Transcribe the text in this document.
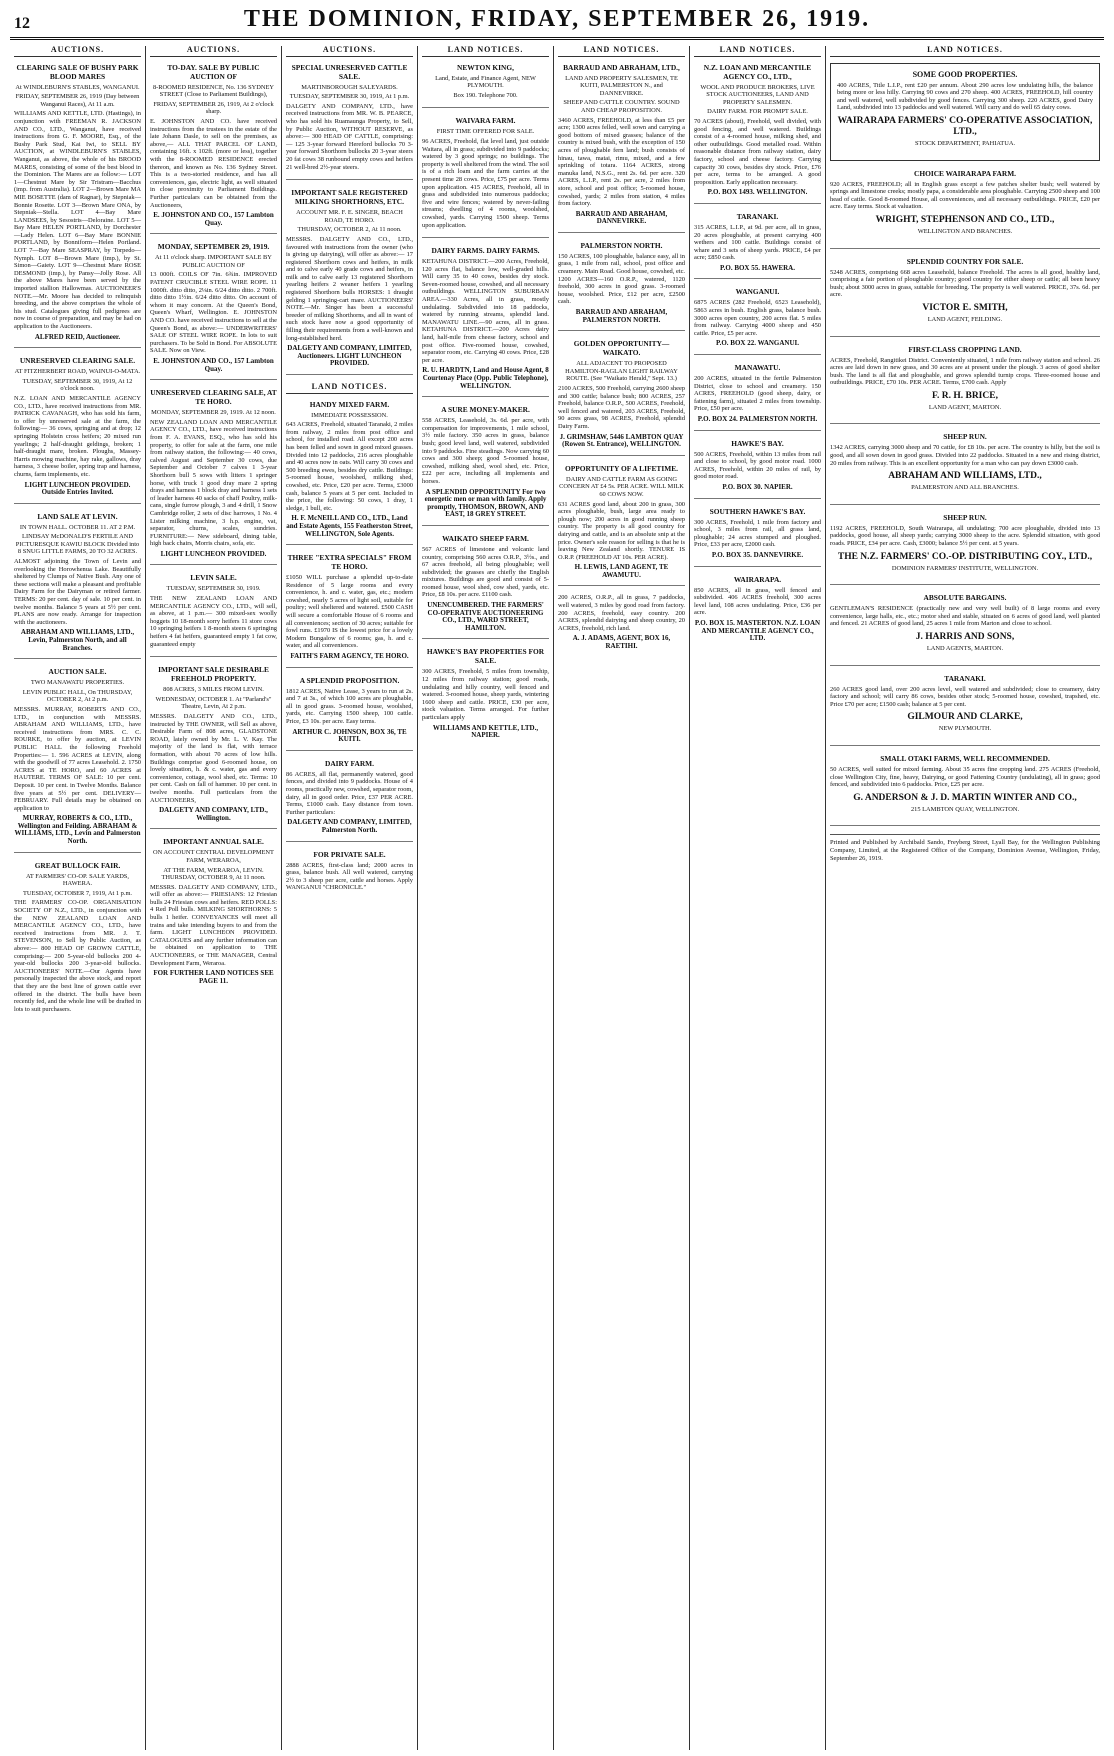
12	THE DOMINION, FRIDAY, SEPTEMBER 26, 1919.
AUCTIONS.
CLEARING SALE OF BUSHY PARK BLOOD MARES
At WINDLEBURN'S STABLES, WANGANUI.
FRIDAY, SEPTEMBER 26, 1919 (Day between Wanganui Races), At 11 a.m.
WILLIAMS AND KETTLE, LTD. (Hastings), in conjunction with FREEMAN R. JACKSON AND CO., LTD., Wanganui, have received instructions from G. F. MOORE, Esq., of the Bushy Park Stud, Kai Iwi, to SELL BY AUCTION, at WINDLEBURN'S STABLES, Wanganui, as above, the whole of his BROOD MARES, consisting of some of the best blood in the Dominion. The Mares are as follow:— LOT 1—Chestnut Mare by Sir Tristram—Bacchus (imp. from Australia). LOT 2—Brown Mare MA MIE BOSETTE (dam of Ragnar), by Stepniak—Bonnie Rosette. LOT 3—Brown Mare ONA, by Stepniak—Stella. LOT 4—Bay Mare LANDSEES, by Sesostris—Deloraine. LOT 5—Bay Mare HELEN PORTLAND, by Dorchester—Lady Helen. LOT 6—Bay Mare BONNIE PORTLAND, by Bonniform—Helen Portland. LOT 7—Bay Mare SEASPRAY, by Torpedo—Nymph. LOT 8—Brown Mare (imp.), by St. Simon—Gaiety. LOT 9—Chestnut Mare ROSE DESMOND (imp.), by Pansy—Jolly Rose. All the above Mares have been served by the imported stallion Hallowmas. AUCTIONEER'S NOTE.—Mr. Moore has decided to relinquish breeding, and the above comprises the whole of his stud. Catalogues giving full pedigrees are now in course of preparation, and may be had on application to the Auctioneers.
ALFRED REID, Auctioneer.
UNRESERVED CLEARING SALE.
AT FITZHERBERT ROAD, WAINUI-O-MATA.
TUESDAY, SEPTEMBER 30, 1919, At 12 o'clock noon.
N.Z. LOAN AND MERCANTILE AGENCY CO., LTD., have received instructions from MR. PATRICK CAVANAGH, who has sold his farm, to offer by unreserved sale at the farm, the following:— 36 cows, springing and at drop; 12 springing Holstein cross heifers; 20 mixed run yearlings; 2 half-draught geldings, broken; 1 half-draught mare, broken. Ploughs, Massey-Harris mowing machine, hay rake, gallows, dray harness, 3 cheese boiler, spring trap and harness, churns, farm implements, etc.
LIGHT LUNCHEON PROVIDED. Outside Entries Invited.
LAND SALE AT LEVIN.
IN TOWN HALL. OCTOBER 11. AT 2 P.M.
LINDSAY McDONALD'S FERTILE AND PICTURESQUE KAWIU BLOCK Divided into 8 SNUG LITTLE FARMS, 20 TO 32 ACRES.
ALMOST adjoining the Town of Levin and overlooking the Horowhenua Lake. Beautifully sheltered by Clumps of Native Bush. Any one of these sections will make a pleasant and profitable Dairy Farm for the Dairyman or retired farmer. TERMS: 20 per cent. day of sale. 10 per cent. in twelve months. Balance 5 years at 5½ per cent. PLANS are now ready. Arrange for inspection with the auctioneers.
ABRAHAM AND WILLIAMS, LTD., Levin, Palmerston North, and all Branches.
AUCTION SALE.
TWO MANAWATU PROPERTIES.
LEVIN PUBLIC HALL, On THURSDAY, OCTOBER 2, At 2 p.m.
MESSRS. MURRAY, ROBERTS AND CO., LTD., in conjunction with MESSRS. ABRAHAM AND WILLIAMS, LTD., have received instructions from MRS. C. C. ROURKE, to offer by auction, at LEVIN PUBLIC HALL the following Freehold Properties:— 1. 596 ACRES at LEVIN, along with the goodwill of 77 acres Leasehold. 2. 1750 ACRES at TE HORO, and 60 ACRES at HAUTERE. TERMS OF SALE: 10 per cent. Deposit. 10 per cent. in Twelve Months. Balance five years at 5½ per cent. DELIVERY—FEBRUARY. Full details may be obtained on application to
MURRAY, ROBERTS & CO., LTD., Wellington and Feilding. ABRAHAM & WILLIAMS, LTD., Levin and Palmerston North.
GREAT BULLOCK FAIR.
AT FARMERS' CO-OP. SALE YARDS, HAWERA.
TUESDAY, OCTOBER 7, 1919, At 1 p.m.
THE FARMERS' CO-OP. ORGANISATION SOCIETY OF N.Z., LTD., in conjunction with the NEW ZEALAND LOAN AND MERCANTILE AGENCY CO., LTD., have received instructions from MR. J. T. STEVENSON, to Sell by Public Auction, as above:— 800 HEAD OF GROWN CATTLE, comprising:— 200 5-year-old bullocks 200 4-year-old bullocks 200 3-year-old bullocks. AUCTIONEERS' NOTE.—Our Agents have personally inspected the above stock, and report that they are the best line of grown cattle ever offered in the district. The bulls have been recently fed, and the whole line will be drafted in lots to suit purchasers.
AUCTIONS.
TO-DAY. SALE BY PUBLIC AUCTION OF
8-ROOMED RESIDENCE, No. 136 SYDNEY STREET (Close to Parliament Buildings),
FRIDAY, SEPTEMBER 26, 1919, At 2 o'clock sharp.
E. JOHNSTON AND CO. have received instructions from the trustees in the estate of the late Johann Dasle, to sell on the premises, as above,— ALL THAT PARCEL OF LAND, containing 16ft. x 102ft. (more or less), together with the 8-ROOMED RESIDENCE erected thereon, and known as No. 136 Sydney Street. This is a two-storied residence, and has all conveniences, gas, electric light, as well situated in close proximity to Parliament Buildings. Further particulars can be obtained from the Auctioneers,
E. JOHNSTON AND CO., 157 Lambton Quay.
MONDAY, SEPTEMBER 29, 1919.
At 11 o'clock sharp. IMPORTANT SALE BY PUBLIC AUCTION OF
13 000ft. COILS OF 7in. 6¾in. IMPROVED PATENT CRUCIBLE STEEL WIRE ROPE. 11 1000ft. ditto ditto, 2⅛in. 6/24 ditto ditto. 2 700ft. ditto ditto 1½in. 6/24 ditto ditto. On account of whom it may concern. At the Queen's Bond, Queen's Wharf, Wellington. E. JOHNSTON AND CO. have received instructions to sell at the Queen's Bond, as above:— UNDERWRITERS' SALE OF STEEL WIRE ROPE. In lots to suit purchasers. To be Sold in Bond. For ABSOLUTE SALE. Now on View.
E. JOHNSTON AND CO., 157 Lambton Quay.
UNRESERVED CLEARING SALE, AT TE HORO.
MONDAY, SEPTEMBER 29, 1919. At 12 noon.
NEW ZEALAND LOAN AND MERCANTILE AGENCY CO., LTD., have received instructions from F. A. EVANS, ESQ., who has sold his property, to offer for sale at the farm, one mile from railway station, the following:— 40 cows, calved August and September 30 cows, due September and October 7 calves 1 3-year Shorthorn bull 5 sows with litters 1 springer horse, with truck 1 good dray mare 2 spring drays and harness 1 block dray and harness 1 sets of leader harness 40 sacks of chaff Poultry, milk-cans, single furrow plough, 3 and 4 drill, 1 Snow Cambridge roller, 2 sets of disc harrows, 1 No. 4 Lister milking machine, 3 h.p. engine, vat, separator, churns, scales, sundries. FURNITURE:— New sideboard, dining table, high back chairs, Morris chairs, sofa, etc.
LIGHT LUNCHEON PROVIDED.
LEVIN SALE.
TUESDAY, SEPTEMBER 30, 1919.
THE NEW ZEALAND LOAN AND MERCANTILE AGENCY CO., LTD., will sell, as above, at 1 p.m.— 300 mixed-sex woolly hoggets 10 18-month sorry heifers 11 store cows 10 springing heifers 1 8-month steers 6 springing heifers 4 fat heifers, guaranteed empty 1 fat cow, guaranteed empty
IMPORTANT SALE DESIRABLE FREEHOLD PROPERTY.
808 ACRES, 3 MILES FROM LEVIN.
WEDNESDAY, OCTOBER 1. At "Parland's" Theatre, Levin, At 2 p.m.
MESSRS. DALGETY AND CO., LTD., instructed by THE OWNER, will Sell as above, Desirable Farm of 808 acres, GLADSTONE ROAD, lately owned by Mr. L. V. Kay. The majority of the land is flat, with terrace formation, with about 70 acres of low hills. Buildings comprise good 6-roomed house, on lovely situation, h. & c. water, gas and every convenience, cottage, wool shed, etc. Terms: 10 per cent. Cash on fall of hammer. 10 per cent. in twelve months. Full particulars from the AUCTIONEERS,
DALGETY AND COMPANY, LTD., Wellington.
IMPORTANT ANNUAL SALE.
ON ACCOUNT CENTRAL DEVELOPMENT FARM, WERAROA,
AT THE FARM, WERAROA, LEVIN. THURSDAY, OCTOBER 9, At 11 noon.
MESSRS. DALGETY AND COMPANY, LTD., will offer as above:— FRIESIANS: 12 Friesian bulls 24 Friesian cows and heifers. RED POLLS: 4 Red Poll bulls. MILKING SHORTHORNS: 5 bulls 1 heifer. CONVEYANCES will meet all trains and take intending buyers to and from the farm. LIGHT LUNCHEON PROVIDED. CATALOGUES and any further information can be obtained on application to THE AUCTIONEERS, or THE MANAGER, Central Development Farm, Weraroa.
FOR FURTHER LAND NOTICES SEE PAGE 11.
AUCTIONS.
SPECIAL UNRESERVED CATTLE SALE.
MARTINBOROUGH SALEYARDS.
TUESDAY, SEPTEMBER 30, 1919, At 1 p.m.
DALGETY AND COMPANY, LTD., have received instructions from MR. W. B. PEARCE, who has sold his Ruamaunga Property, to Sell, by Public Auction, WITHOUT RESERVE, as above:— 300 HEAD OF CATTLE, comprising:— 125 3-year forward Hereford bullocks 70 3-year forward Shorthorn bullocks 20 3-year steers 20 fat cows 38 runbound empty cows and heifers 21 well-bred 2½-year steers.
IMPORTANT SALE REGISTERED MILKING SHORTHORNS, ETC.
ACCOUNT MR. F. E. SINGER, BEACH ROAD, TE HORO.
THURSDAY, OCTOBER 2, At 11 noon.
MESSRS. DALGETY AND CO., LTD., favoured with instructions from the owner (who is giving up dairying), will offer as above:— 17 registered Shorthorn cows and heifers, in milk and to calve early 40 grade cows and heifers, in milk and to calve early 13 registered Shorthorn yearling heifers 2 weaner heifers 1 yearling registered Shorthorn bulls HORSES: 1 draught gelding 1 springing-cart mare. AUCTIONEERS' NOTE.—Mr. Singer has been a successful breeder of milking Shorthorns, and all in want of such stock have now a good opportunity of filling their requirements from a well-known and long-established herd.
DALGETY AND COMPANY, LIMITED, Auctioneers. LIGHT LUNCHEON PROVIDED.
LAND NOTICES.
HANDY MIXED FARM.
IMMEDIATE POSSESSION.
643 ACRES, Freehold, situated Taranaki, 2 miles from railway, 2 miles from post office and school, for installed road. All except 200 acres has been felled and sown in good mixed grasses. Divided into 12 paddocks, 216 acres ploughable and 40 acres now in oats. Will carry 30 cows and 500 breeding ewes, besides dry cattle. Buildings: 5-roomed house, woolshed, milking shed, cowshed, etc. Price, £20 per acre. Terms, £3000 cash, balance 5 years at 5 per cent. Included in the price, the following: 50 cows, 1 dray, 1 sledge, 1 bull, etc.
H. F. McNEILL AND CO., LTD., Land and Estate Agents, 155 Featherston Street, WELLINGTON, Sole Agents.
THREE "EXTRA SPECIALS" FROM TE HORO.
£1050 WILL purchase a splendid up-to-date Residence of 5 large rooms and every convenience, h. and c. water, gas, etc.; modern cowshed, nearly 5 acres of light soil, suitable for poultry; well sheltered and watered. £500 CASH will secure a comfortable House of 6 rooms and all conveniences; section of 30 acres; suitable for fowl runs. £1970 IS the lowest price for a lovely Modern Bungalow of 6 rooms; gas, h. and c. water, and all conveniences.
FAITH'S FARM AGENCY, TE HORO.
A SPLENDID PROPOSITION.
1812 ACRES, Native Lease, 3 years to run at 2s. and 7 at 3s., of which 100 acres are ploughable, all in good grass. 3-roomed house, woolshed, yards, etc. Carrying 1500 sheep, 100 cattle. Price, £3 10s. per acre. Easy terms.
ARTHUR C. JOHNSON, BOX 36, TE KUITI.
DAIRY FARM.
86 ACRES, all flat, permanently watered, good fences, and divided into 9 paddocks. House of 4 rooms, practically new, cowshed, separator room, dairy, all in good order. Price, £37 PER ACRE. Terms, £1000 cash. Easy distance from town. Further particulars:
DALGETY AND COMPANY, LIMITED, Palmerston North.
FOR PRIVATE SALE.
2888 ACRES, first-class land; 2000 acres in grass, balance bush. All well watered, carrying 2½ to 3 sheep per acre, cattle and horses. Apply WANGANUI "CHRONICLE."
LAND NOTICES.
NEWTON KING,
Land, Estate, and Finance Agent, NEW PLYMOUTH.
Box 190. Telephone 700.
WAIVARA FARM.
FIRST TIME OFFERED FOR SALE.
96 ACRES, Freehold, flat level land, just outside Waitara, all in grass; subdivided into 9 paddocks; watered by 3 good springs; no buildings. The property is well sheltered from the wind. The soil is of a rich loam and the farm carries at the present time 28 cows. Price, £75 per acre. Terms upon application. 415 ACRES, Freehold, all in grass and subdivided into numerous paddocks; five and wire fences; watered by never-failing streams; dwelling of 4 rooms, woolshed, cowshed, yards. Carrying 1500 sheep. Terms upon application.
DAIRY FARMS. DAIRY FARMS.
KETAHUNA DISTRICT.—200 Acres, Freehold, 120 acres flat, balance low, well-graded hills. Will carry 35 to 40 cows, besides dry stock. Seven-roomed house, cowshed, and all necessary outbuildings. WELLINGTON SUBURBAN AREA.—330 Acres, all in grass, mostly undulating. Subdivided into 18 paddocks, watered by running streams, splendid land. MANAWATU LINE.—90 acres, all in grass. KETAHUNA DISTRICT.—200 Acres dairy land, half-mile from cheese factory, school and post office. Five-roomed house, cowshed, separator room, etc. Carrying 40 cows. Price, £28 per acre.
R. U. HARDTN, Land and House Agent, 8 Courtenay Place (Opp. Public Telephone), WELLINGTON.
A SURE MONEY-MAKER.
558 ACRES, Leasehold, 3s. 6d. per acre, with compensation for improvements, 1 mile school, 3½ mile factory. 350 acres in grass, balance bush; good level land, well watered, subdivided into 9 paddocks. Fine steadings. Now carrying 60 cows and 300 sheep; good 5-roomed house, cowshed, milking shed, wool shed, etc. Price, £22 per acre, including all implements and horses.
A SPLENDID OPPORTUNITY For two energetic men or man with family. Apply promptly, THOMSON, BROWN, AND EAST, 18 GREY STREET.
WAIKATO SHEEP FARM.
567 ACRES of limestone and volcanic land country, comprising 560 acres O.R.P., 3½s., and 67 acres freehold, all being ploughable; well subdivided; the grasses are chiefly the English mixtures. Buildings are good and consist of 5-roomed house, wool shed, cow shed, yards, etc. Price, £8 10s. per acre. £1100 cash.
UNENCUMBERED. THE FARMERS' CO-OPERATIVE AUCTIONEERING CO., LTD., WARD STREET, HAMILTON.
HAWKE'S BAY PROPERTIES FOR SALE.
300 ACRES, Freehold, 5 miles from township, 12 miles from railway station; good roads, undulating and hilly country, well fenced and watered. 3-roomed house, sheep yards, wintering 1600 sheep and cattle. PRICE, £30 per acre, stock valuation. Terms arranged. For further particulars apply
WILLIAMS AND KETTLE, LTD., NAPIER.
LAND NOTICES.
BARRAUD AND ABRAHAM, LTD.,
LAND AND PROPERTY SALESMEN, TE KUITI, PALMERSTON N., and DANNEVIRKE.
SHEEP AND CATTLE COUNTRY. SOUND AND CHEAP PROPOSITION.
3460 ACRES, FREEHOLD, at less than £5 per acre; 1300 acres felled, well sown and carrying a good bottom of mixed grasses; balance of the country is mixed bush, with the exception of 150 acres of ploughable fern land; bush consists of hinau, tawa, matai, rimu, mixed, and a few sprinkling of totara. 1164 ACRES, strong manuka land, N.S.G., rent 2s. 6d. per acre. 320 ACRES, L.I.P., rent 2s. per acre, 2 miles from store, school and post office; 5-roomed house, cowshed, yards; 2 miles from station, 4 miles from factory.
BARRAUD AND ABRAHAM, DANNEVIRKE.
PALMERSTON NORTH.
150 ACRES, 100 ploughable, balance easy, all in grass, 1 mile from rail, school, post office and creamery. Main Road. Good house, cowshed, etc. 1200 ACRES—160 O.R.P., watered, 1120 freehold, 300 acres in good grass. 3-roomed house, woolshed. Price, £12 per acre, £2500 cash.
BARRAUD AND ABRAHAM, PALMERSTON NORTH.
GOLDEN OPPORTUNITY—WAIKATO.
ALL ADJACENT TO PROPOSED HAMILTON-RAGLAN LIGHT RAILWAY ROUTE. (See "Waikato Herald," Sept. 13.)
2100 ACRES, 500 Freehold, carrying 2600 sheep and 300 cattle; balance bush; 800 ACRES, 257 Freehold, balance O.R.P., 500 ACRES, Freehold, well fenced and watered, 203 ACRES, Freehold, 90 acres grass, 98 ACRES, Freehold, splendid Dairy Farm.
J. GRIMSHAW, 5446 LAMBTON QUAY (Rowen St. Entrance), WELLINGTON.
OPPORTUNITY OF A LIFETIME.
DAIRY AND CATTLE FARM AS GOING CONCERN AT £4 5s. PER ACRE. WILL MILK 60 COWS NOW.
631 ACRES good land, about 200 in grass, 300 acres ploughable, bush, large area ready to plough now; 200 acres in good running sheep country. The property is all good country for dairying and cattle, and is an absolute snip at the price. Owner's sole reason for selling is that he is leaving New Zealand shortly. TENURE IS O.R.P. (FREEHOLD AT 10s. PER ACRE).
H. LEWIS, LAND AGENT, TE AWAMUTU.
200 ACRES, O.R.P., all in grass, 7 paddocks, well watered, 3 miles by good road from factory. 200 ACRES, freehold, easy country. 200 ACRES, splendid dairying and sheep country, 20 ACRES, freehold, rich land.
A. J. ADAMS, AGENT, BOX 16, RAETIHI.
LAND NOTICES.
N.Z. LOAN AND MERCANTILE AGENCY CO., LTD.,
WOOL AND PRODUCE BROKERS, LIVE STOCK AUCTIONEERS, LAND AND PROPERTY SALESMEN.
DAIRY FARM. FOR PROMPT SALE.
70 ACRES (about), Freehold, well divided, with good fencing, and well watered. Buildings consist of a 4-roomed house, milking shed, and other outbuildings. Good metalled road. Within reasonable distance from railway station, dairy factory, school and cheese factory. Carrying capacity 30 cows, besides dry stock. Price, £76 per acre, terms to be arranged. A good proposition. Early application necessary.
P.O. BOX 1493. WELLINGTON.
TARANAKI.
315 ACRES, L.I.P., at 9d. per acre, all in grass, 20 acres ploughable, at present carrying 400 wethers and 100 cattle. Buildings consist of whare and 3 sets of sheep yards. PRICE, £4 per acre; £850 cash.
P.O. BOX 55. HAWERA.
WANGANUI.
6875 ACRES (282 Freehold, 6523 Leasehold), 5863 acres in bush. English grass, balance bush. 3000 acres open country, 200 acres flat. 5 miles from railway. Carrying 4000 sheep and 450 cattle. Price, £5 per acre.
P.O. BOX 22. WANGANUI.
MANAWATU.
200 ACRES, situated in the fertile Palmerston District, close to school and creamery. 150 ACRES, FREEHOLD (good sheep, dairy, or fattening farm), situated 2 miles from township. Price, £50 per acre.
P.O. BOX 24. PALMERSTON NORTH.
HAWKE'S BAY.
500 ACRES, Freehold, within 13 miles from rail and close to school, by good motor road. 1000 ACRES, Freehold, within 20 miles of rail, by good motor road.
P.O. BOX 30. NAPIER.
SOUTHERN HAWKE'S BAY.
300 ACRES, Freehold, 1 mile from factory and school, 3 miles from rail, all grass land, ploughable; 24 acres stumped and ploughed. Price, £33 per acre, £2000 cash.
P.O. BOX 35. DANNEVIRKE.
WAIRARAPA.
850 ACRES, all in grass, well fenced and subdivided. 406 ACRES freehold, 300 acres level land, 108 acres undulating. Price, £36 per acre.
P.O. BOX 15. MASTERTON. N.Z. LOAN AND MERCANTILE AGENCY CO., LTD.
LAND NOTICES.
SOME GOOD PROPERTIES.
400 ACRES, Title L.I.P., rent £20 per annum. About 290 acres low undulating hills, the balance being more or less hilly. Carrying 90 cows and 270 sheep. 400 ACRES, FREEHOLD, hill country and well watered, well subdivided by good fences. Carrying 300 sheep. 220 ACRES, good Dairy Land, subdivided into 13 paddocks and well watered. Will carry and do well 65 dairy cows.
WAIRARAPA FARMERS' CO-OPERATIVE ASSOCIATION, LTD.,
STOCK DEPARTMENT, PAHIATUA.
CHOICE WAIRARAPA FARM.
920 ACRES, FREEHOLD; all in English grass except a few patches shelter bush; well watered by springs and limestone creeks; mostly papa, a considerable area ploughable. Carrying 2500 sheep and 100 head of cattle. Good 8-roomed House, all conveniences, and all necessary outbuildings. PRICE, £20 per acre. Easy terms. Stock at valuation.
WRIGHT, STEPHENSON AND CO., LTD.,
WELLINGTON AND BRANCHES.
SPLENDID COUNTRY FOR SALE.
5248 ACRES, comprising 668 acres Leasehold, balance Freehold. The acres is all good, healthy land, comprising a fair portion of ploughable country; good country for either sheep or cattle; all been heavy bush; about 3000 acres in grass, suitable for breeding. The property is well watered. PRICE, 37s. 6d. per acre.
VICTOR E. SMITH,
LAND AGENT, FEILDING.
FIRST-CLASS CROPPING LAND.
ACRES, Freehold, Rangitikei District. Conveniently situated, 1 mile from railway station and school. 26 acres are laid down in new grass, and 30 acres are at present under the plough. 3 acres of good shelter bush. The land is all flat and ploughable, and grows splendid turnip crops. Three-roomed house and outbuildings. PRICE, £70 10s. PER ACRE. Terms, £700 cash. Apply
F. R. H. BRICE,
LAND AGENT, MARTON.
SHEEP RUN.
1342 ACRES, carrying 3000 sheep and 70 cattle, for £8 10s. per acre. The country is hilly, but the soil is good, and all sown down in good grass. Divided into 22 paddocks. Situated in a new and rising district, 20 miles from railway. This is an excellent opportunity for a man who can pay down £3000 cash.
ABRAHAM AND WILLIAMS, LTD.,
PALMERSTON AND ALL BRANCHES.
SHEEP RUN.
1192 ACRES, FREEHOLD, South Wairarapa, all undulating; 700 acre ploughable, divided into 13 paddocks, good house, all sheep yards; carrying 3000 sheep to the acre. Splendid situation, with good roads. PRICE, £34 per acre. Cash, £3000; balance 5½ per cent. at 5 years.
THE N.Z. FARMERS' CO.-OP. DISTRIBUTING COY., LTD.,
DOMINION FARMERS' INSTITUTE, WELLINGTON.
ABSOLUTE BARGAINS.
GENTLEMAN'S RESIDENCE (practically new and very well built) of 8 large rooms and every convenience, large halls, etc., etc.; motor shed and stable, situated on 6 acres of good land, well planted and fenced. 21 ACRES of good land, 25 acres 1 mile from Marton and close to school.
J. HARRIS AND SONS,
LAND AGENTS, MARTON.
TARANAKI.
260 ACRES good land, over 200 acres level, well watered and subdivided; close to creamery, dairy factory and school; will carry 86 cows, besides other stock; 5-roomed house, cowshed, trapshed, etc. Price £70 per acre; £1500 cash; balance at 5 per cent.
GILMOUR AND CLARKE,
NEW PLYMOUTH.
SMALL OTAKI FARMS, WELL RECOMMENDED.
50 ACRES, well suited for mixed farming. About 35 acres fine cropping land. 275 ACRES (Freehold, close Wellington City, fine, heavy, Dairying, or good Fattening Country (undulating), all in grass; good fenced, and subdivided into 6 paddocks. Price, £25 per acre.
G. ANDERSON & J. D. MARTIN WINTER AND CO.,
215 LAMBTON QUAY, WELLINGTON.
Printed and Published by Archibald Sando, Freyberg Street, Lyall Bay, for the Wellington Publishing Company, Limited, at the Registered Office of the Company, Dominion Avenue, Wellington, Friday, September 26, 1919.
